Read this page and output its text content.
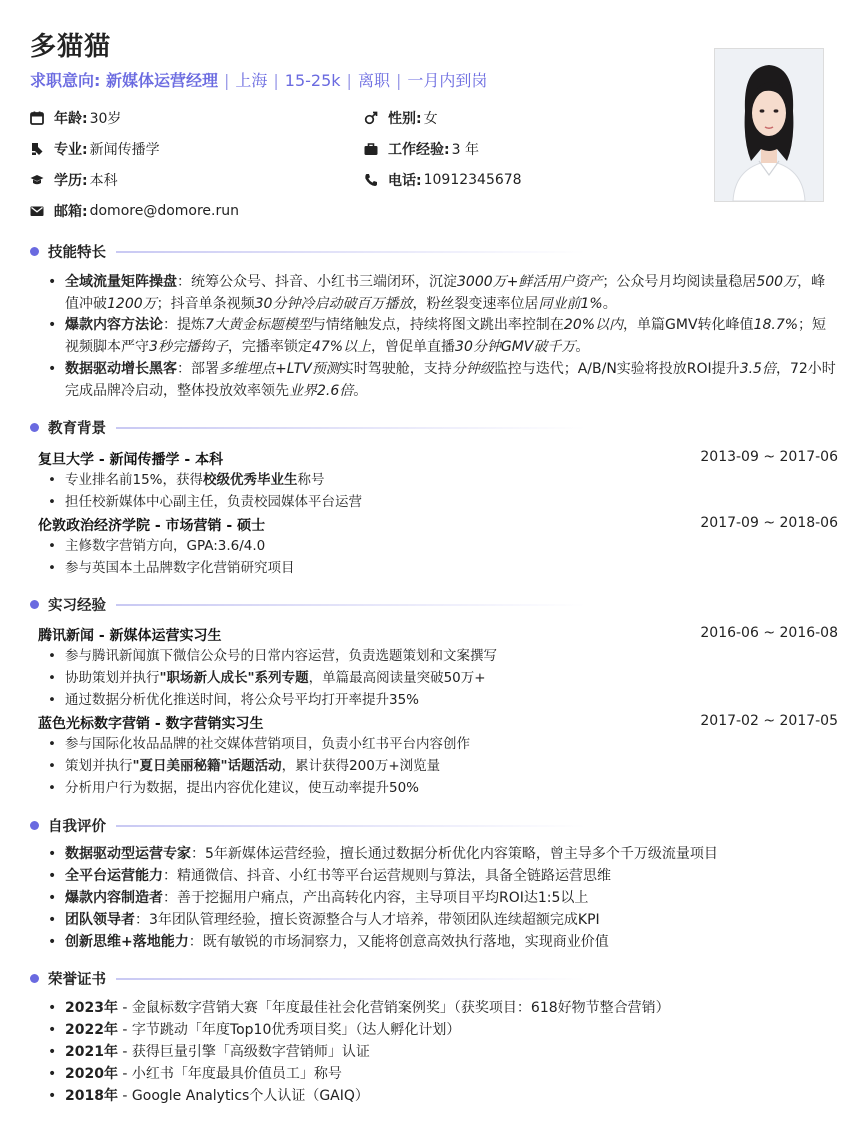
多猫猫
求职意向: 新媒体运营经理 | 上海 | 15-25k | 离职 | 一月内到岗
年龄: 30岁	性别: 女
专业: 新闻传播学	工作经验: 3 年
学历: 本科	电话: 10912345678
邮箱: domore@domore.run
技能特长
• 全域流量矩阵操盘：统筹公众号、抖音、小红书三端闭环，沉淀3000万+鲜活用户资产；公众号月均阅读量稳居500万，峰值冲破1200万；抖音单条视频30分钟冷启动破百万播放，粉丝裂变速率位居同业前1%。
• 爆款内容方法论：提炼7大黄金标题模型与情绪触发点，持续将图文跳出率控制在20%以内，单篇GMV转化峰值18.7%；短视频脚本严守3秒完播钩子，完播率锁定47%以上，曾促单直播30分钟GMV破千万。
• 数据驱动增长黑客：部署多维埋点+LTV预测实时驾驶舱，支持分钟级监控与迭代；A/B/N实验将投放ROI提升3.5倍，72小时完成品牌冷启动，整体投放效率领先业界2.6倍。
教育背景
复旦大学 - 新闻传播学 - 本科	2013-09 ~ 2017-06
• 专业排名前15%，获得校级优秀毕业生称号
• 担任校新媒体中心副主任，负责校园媒体平台运营
伦敦政治经济学院 - 市场营销 - 硕士	2017-09 ~ 2018-06
• 主修数字营销方向，GPA:3.6/4.0
• 参与英国本土品牌数字化营销研究项目
实习经验
腾讯新闻 - 新媒体运营实习生	2016-06 ~ 2016-08
• 参与腾讯新闻旗下微信公众号的日常内容运营，负责选题策划和文案撰写
• 协助策划并执行"职场新人成长"系列专题，单篇最高阅读量突破50万+
• 通过数据分析优化推送时间，将公众号平均打开率提升35%
蓝色光标数字营销 - 数字营销实习生	2017-02 ~ 2017-05
• 参与国际化妆品品牌的社交媒体营销项目，负责小红书平台内容创作
• 策划并执行"夏日美丽秘籍"话题活动，累计获得200万+浏览量
• 分析用户行为数据，提出内容优化建议，使互动率提升50%
自我评价
• 数据驱动型运营专家：5年新媒体运营经验，擅长通过数据分析优化内容策略，曾主导多个千万级流量项目
• 全平台运营能力：精通微信、抖音、小红书等平台运营规则与算法，具备全链路运营思维
• 爆款内容制造者：善于挖掘用户痛点，产出高转化内容，主导项目平均ROI达1:5以上
• 团队领导者：3年团队管理经验，擅长资源整合与人才培养，带领团队连续超额完成KPI
• 创新思维+落地能力：既有敏锐的市场洞察力，又能将创意高效执行落地，实现商业价值
荣誉证书
• 2023年 - 金鼠标数字营销大赛「年度最佳社会化营销案例奖」（获奖项目：618好物节整合营销）
• 2022年 - 字节跳动「年度Top10优秀项目奖」（达人孵化计划）
• 2021年 - 获得巨量引擎「高级数字营销师」认证
• 2020年 - 小红书「年度最具价值员工」称号
• 2018年 - Google Analytics个人认证（GAIQ）
